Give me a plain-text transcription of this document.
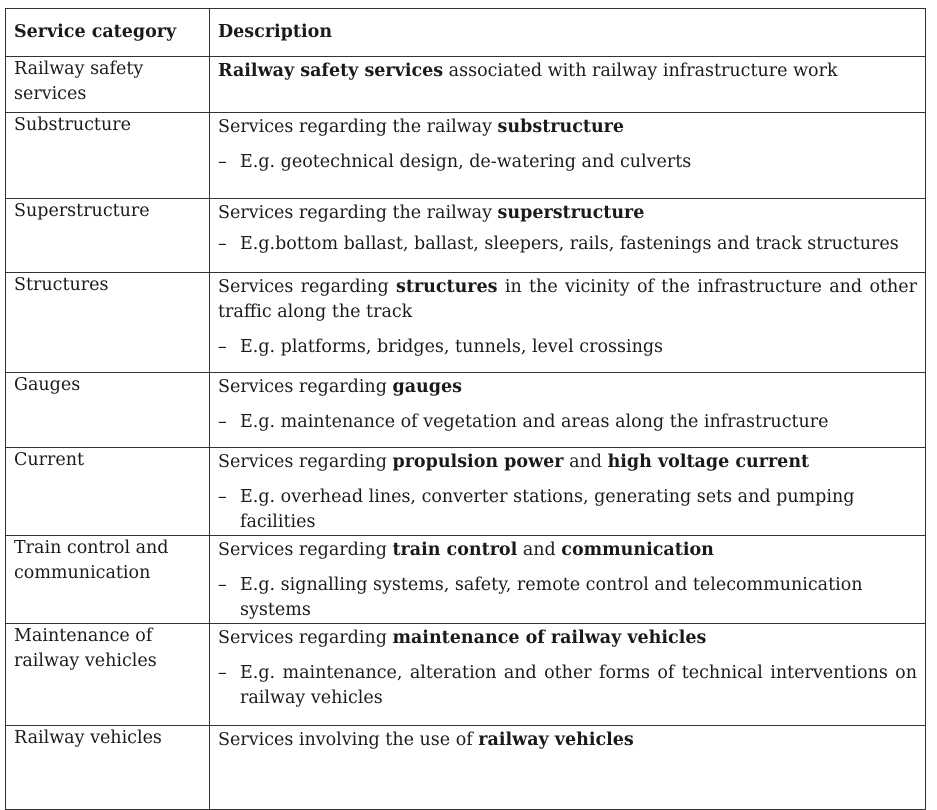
Service category	Description
Railway safety services	Railway safety services associated with railway infrastructure work

Substructure	Services regarding the railway substructure
– E.g. geotechnical design, de-watering and culverts

Superstructure	Services regarding the railway superstructure
– E.g.bottom ballast, ballast, sleepers, rails, fastenings and track structures

Structures	Services regarding structures in the vicinity of the infrastructure and other traffic along the track
– E.g. platforms, bridges, tunnels, level crossings

Gauges	Services regarding gauges
– E.g. maintenance of vegetation and areas along the infrastructure

Current	Services regarding propulsion power and high voltage current
– E.g. overhead lines, converter stations, generating sets and pumping facilities

Train control and communication	Services regarding train control and communication
– E.g. signalling systems, safety, remote control and telecommunication systems

Maintenance of railway vehicles	Services regarding maintenance of railway vehicles
– E.g. maintenance, alteration and other forms of technical interventions on railway vehicles

Railway vehicles	Services involving the use of railway vehicles
